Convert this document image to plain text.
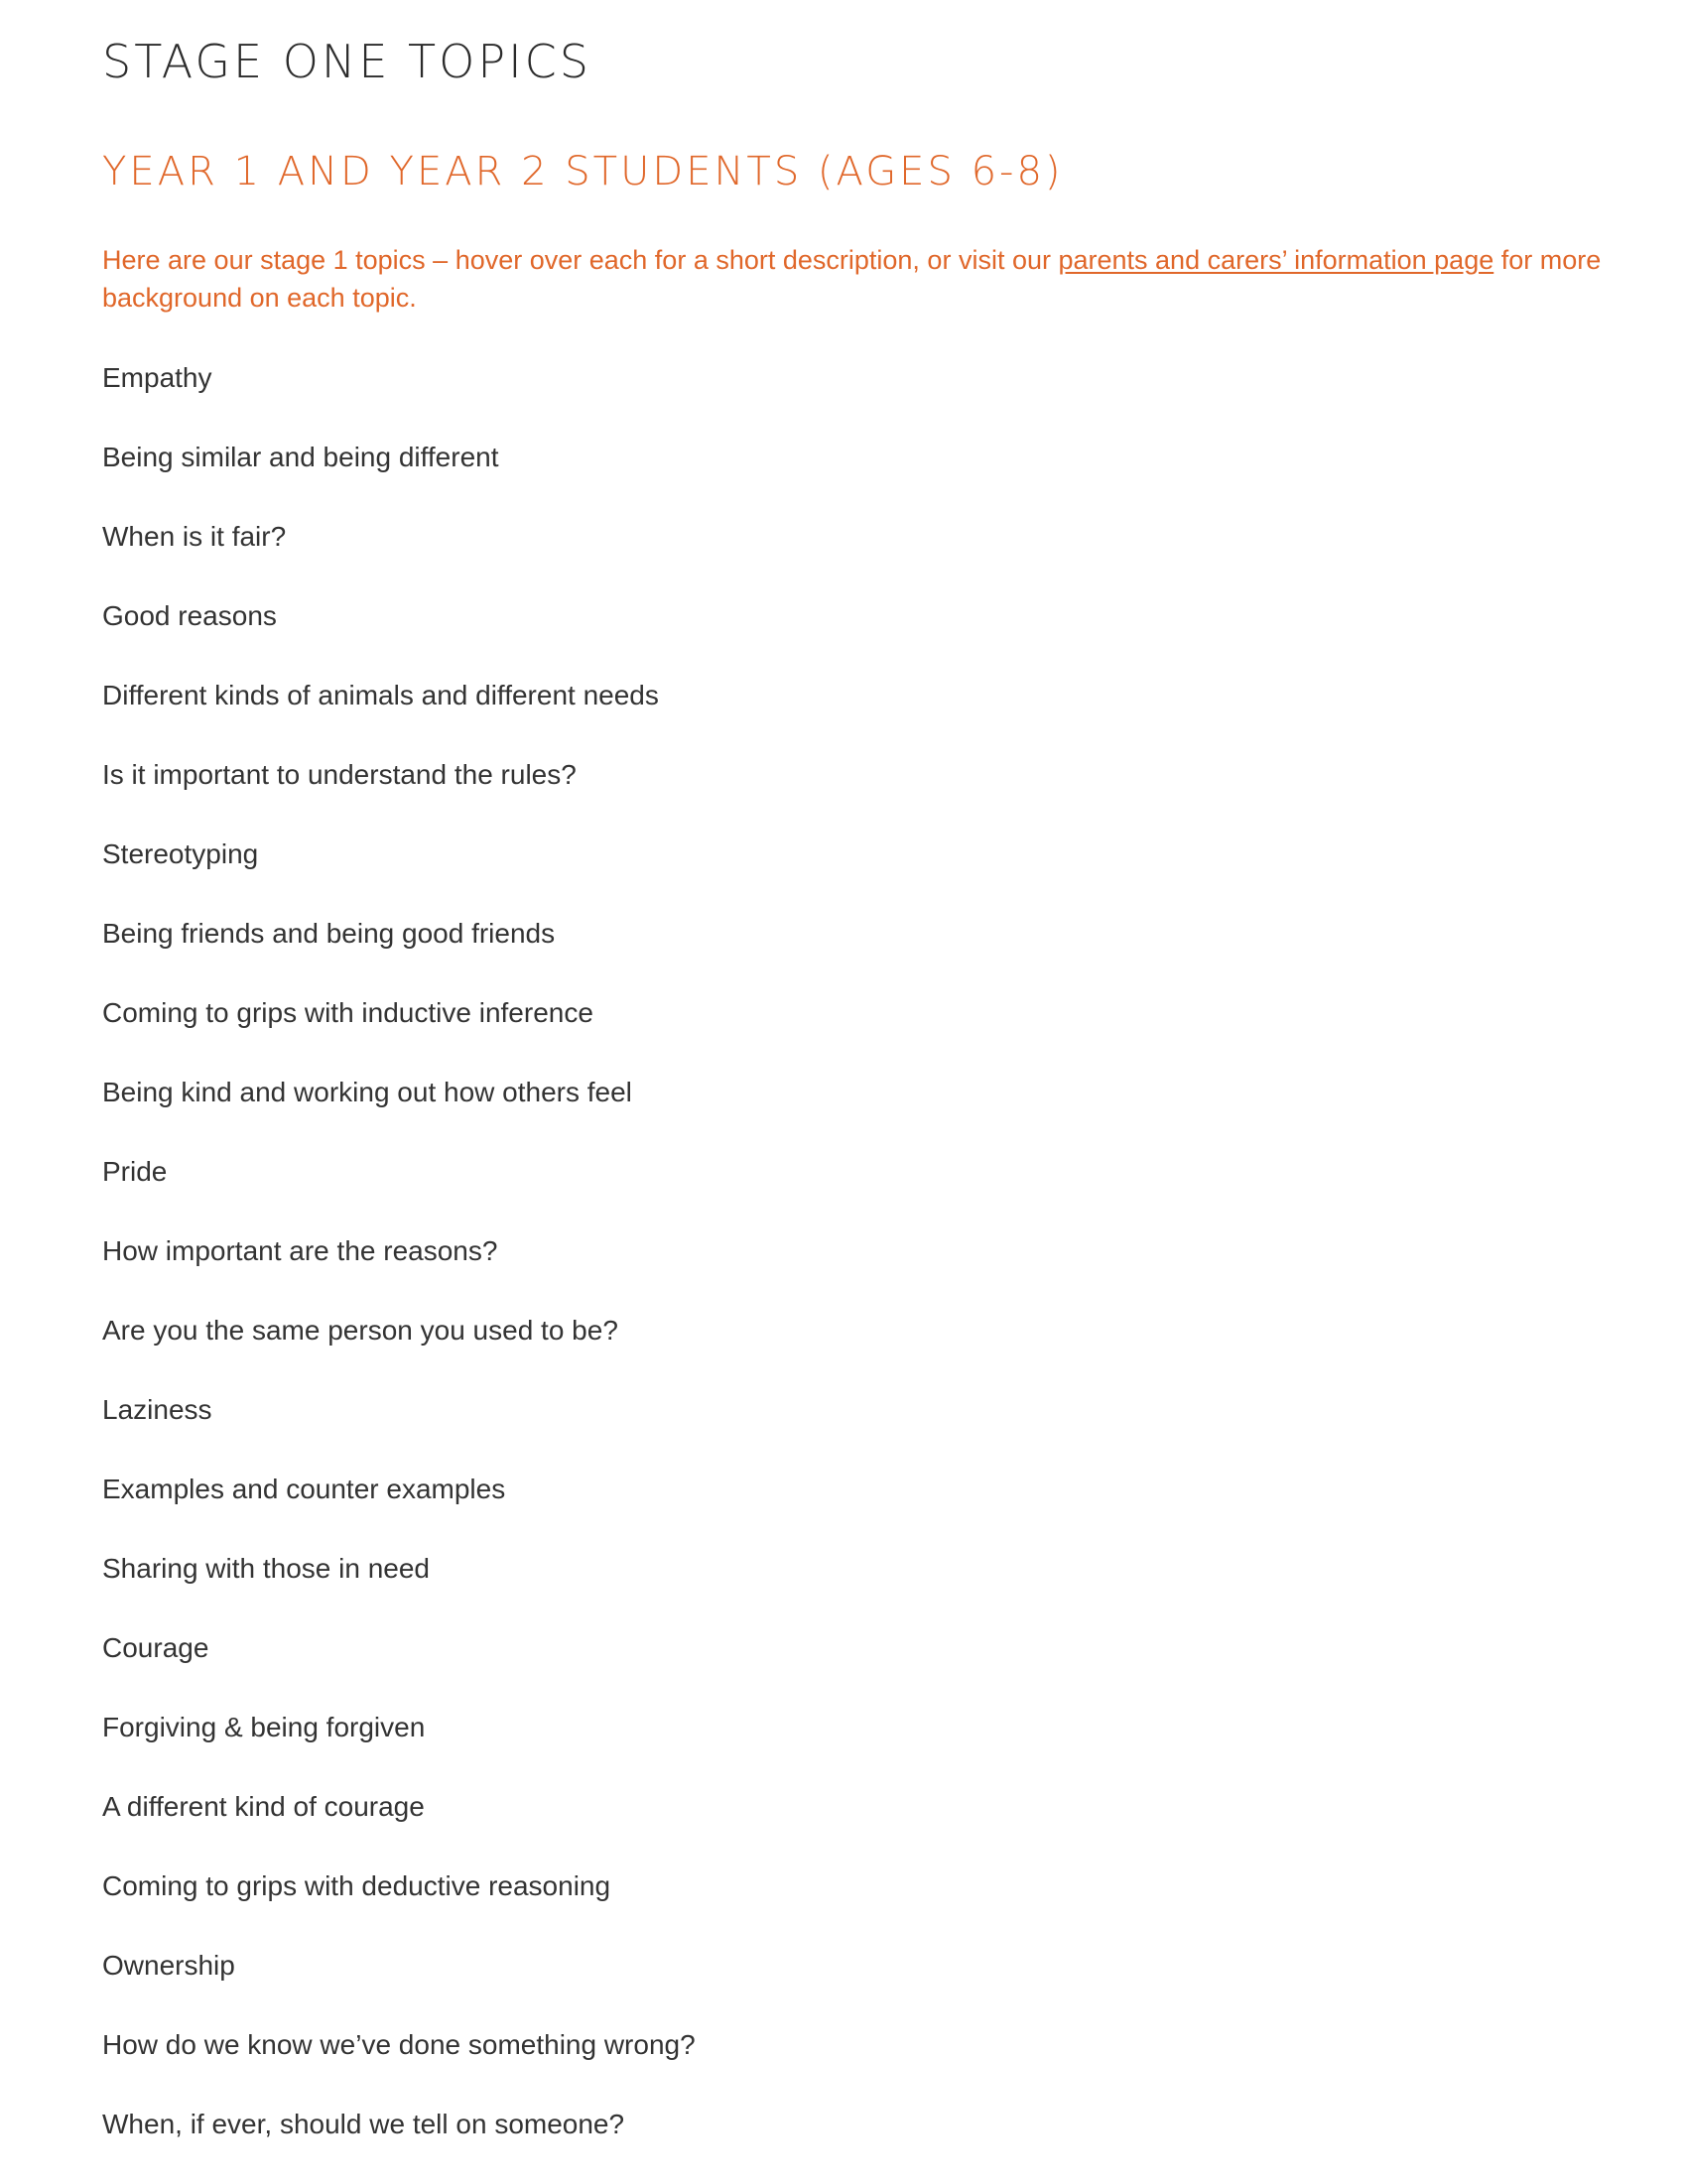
STAGE ONE TOPICS
YEAR 1 AND YEAR 2 STUDENTS (AGES 6-8)

Here are our stage 1 topics – hover over each for a short description, or visit our parents and carers’ information page for more background on each topic.

Empathy
Being similar and being different
When is it fair?
Good reasons
Different kinds of animals and different needs
Is it important to understand the rules?
Stereotyping
Being friends and being good friends
Coming to grips with inductive inference
Being kind and working out how others feel
Pride
How important are the reasons?
Are you the same person you used to be?
Laziness
Examples and counter examples
Sharing with those in need
Courage
Forgiving & being forgiven
A different kind of courage
Coming to grips with deductive reasoning
Ownership
How do we know we’ve done something wrong?
When, if ever, should we tell on someone?
